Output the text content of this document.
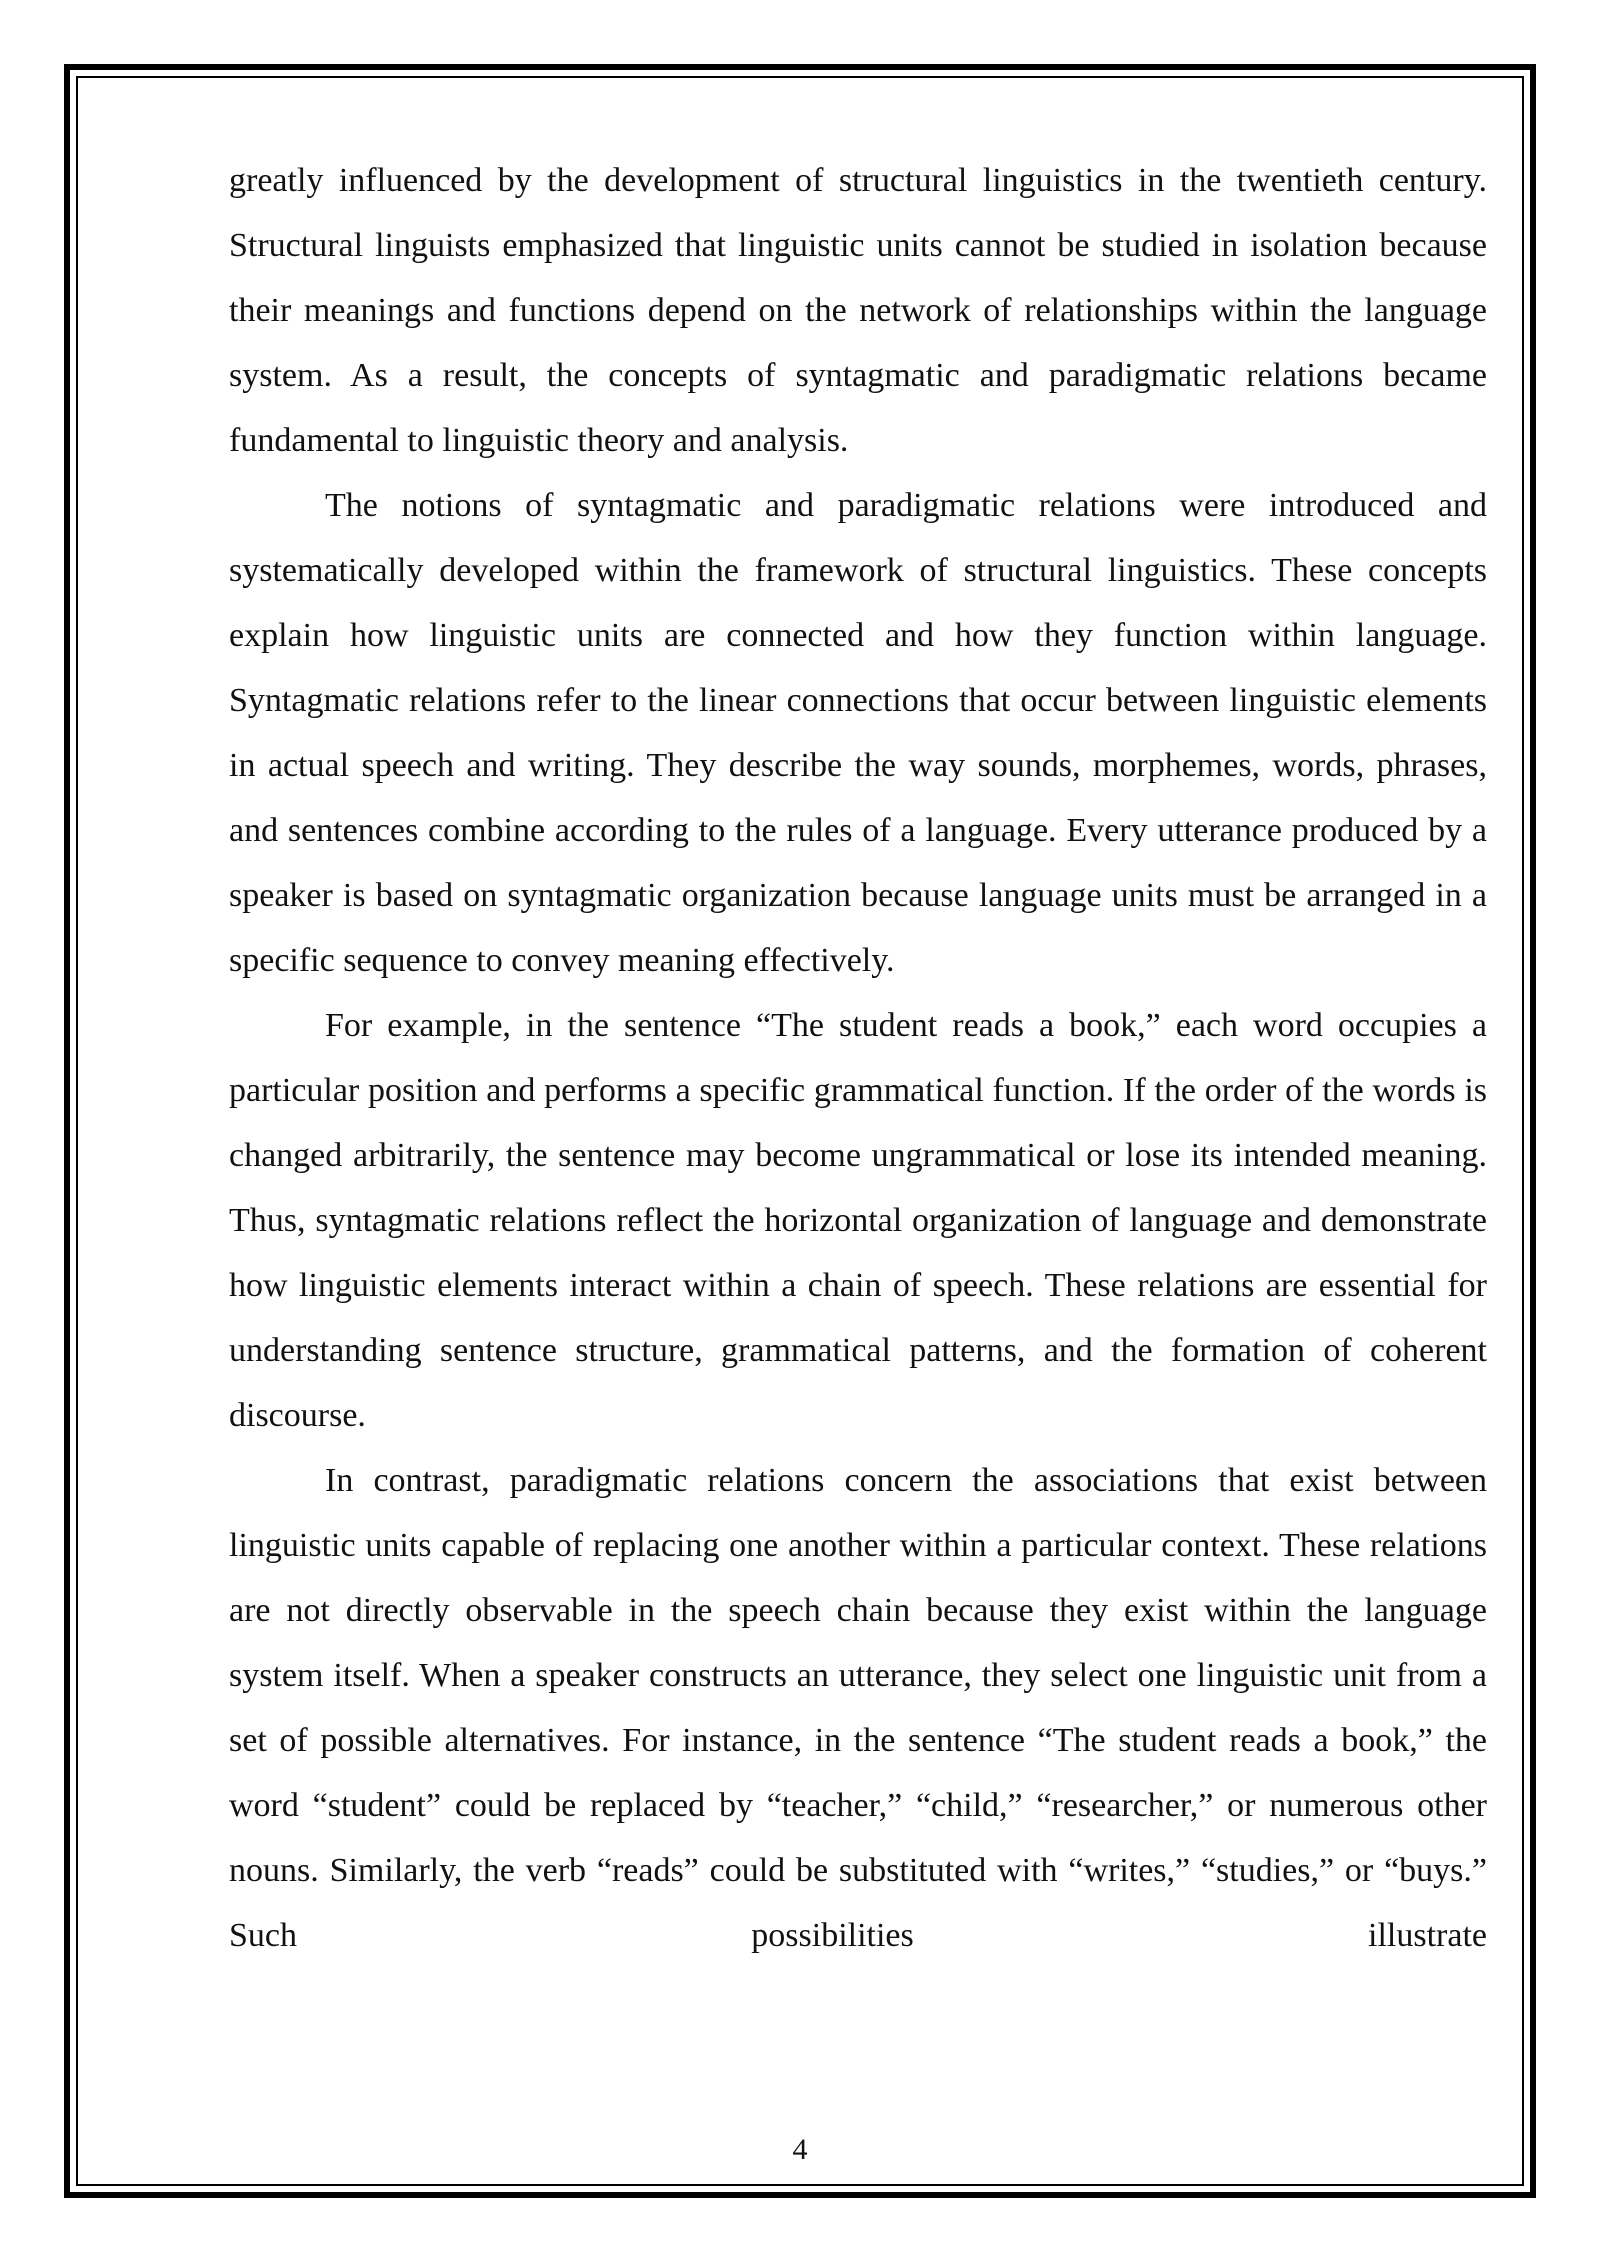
greatly influenced by the development of structural linguistics in the twentieth century. Structural linguists emphasized that linguistic units cannot be studied in isolation because their meanings and functions depend on the network of relationships within the language system. As a result, the concepts of syntagmatic and paradigmatic relations became fundamental to linguistic theory and analysis.

The notions of syntagmatic and paradigmatic relations were introduced and systematically developed within the framework of structural linguistics. These concepts explain how linguistic units are connected and how they function within language. Syntagmatic relations refer to the linear connections that occur between linguistic elements in actual speech and writing. They describe the way sounds, morphemes, words, phrases, and sentences combine according to the rules of a language. Every utterance produced by a speaker is based on syntagmatic organization because language units must be arranged in a specific sequence to convey meaning effectively.

For example, in the sentence “The student reads a book,” each word occupies a particular position and performs a specific grammatical function. If the order of the words is changed arbitrarily, the sentence may become ungrammatical or lose its intended meaning. Thus, syntagmatic relations reflect the horizontal organization of language and demonstrate how linguistic elements interact within a chain of speech. These relations are essential for understanding sentence structure, grammatical patterns, and the formation of coherent discourse.

In contrast, paradigmatic relations concern the associations that exist between linguistic units capable of replacing one another within a particular context. These relations are not directly observable in the speech chain because they exist within the language system itself. When a speaker constructs an utterance, they select one linguistic unit from a set of possible alternatives. For instance, in the sentence “The student reads a book,” the word “student” could be replaced by “teacher,” “child,” “researcher,” or numerous other nouns. Similarly, the verb “reads” could be substituted with “writes,” “studies,” or “buys.” Such possibilities illustrate

4
